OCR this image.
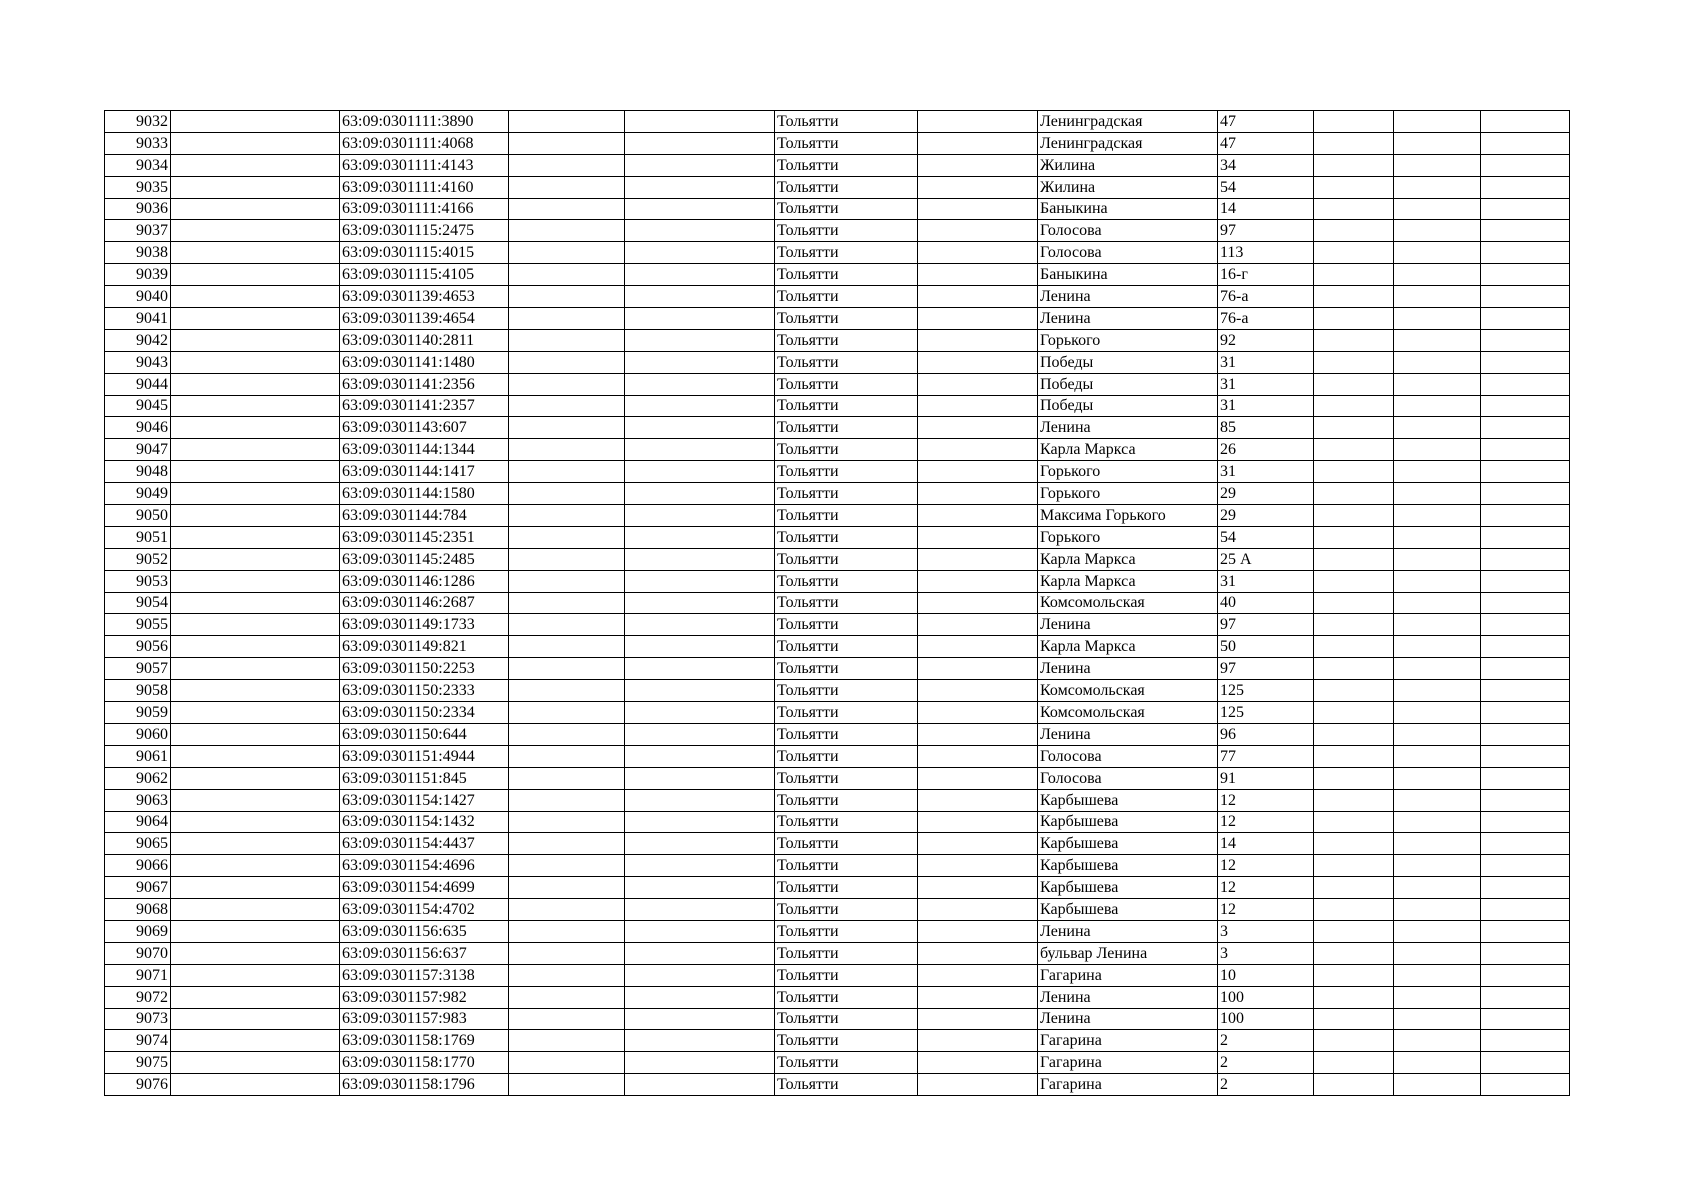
9032		63:09:0301111:3890			Тольятти		Ленинградская	47			
9033		63:09:0301111:4068			Тольятти		Ленинградская	47			
9034		63:09:0301111:4143			Тольятти		Жилина	34			
9035		63:09:0301111:4160			Тольятти		Жилина	54			
9036		63:09:0301111:4166			Тольятти		Баныкина	14			
9037		63:09:0301115:2475			Тольятти		Голосова	97			
9038		63:09:0301115:4015			Тольятти		Голосова	113			
9039		63:09:0301115:4105			Тольятти		Баныкина	16-г			
9040		63:09:0301139:4653			Тольятти		Ленина	76-а			
9041		63:09:0301139:4654			Тольятти		Ленина	76-а			
9042		63:09:0301140:2811			Тольятти		Горького	92			
9043		63:09:0301141:1480			Тольятти		Победы	31			
9044		63:09:0301141:2356			Тольятти		Победы	31			
9045		63:09:0301141:2357			Тольятти		Победы	31			
9046		63:09:0301143:607			Тольятти		Ленина	85			
9047		63:09:0301144:1344			Тольятти		Карла Маркса	26			
9048		63:09:0301144:1417			Тольятти		Горького	31			
9049		63:09:0301144:1580			Тольятти		Горького	29			
9050		63:09:0301144:784			Тольятти		Максима Горького	29			
9051		63:09:0301145:2351			Тольятти		Горького	54			
9052		63:09:0301145:2485			Тольятти		Карла Маркса	25 А			
9053		63:09:0301146:1286			Тольятти		Карла Маркса	31			
9054		63:09:0301146:2687			Тольятти		Комсомольская	40			
9055		63:09:0301149:1733			Тольятти		Ленина	97			
9056		63:09:0301149:821			Тольятти		Карла Маркса	50			
9057		63:09:0301150:2253			Тольятти		Ленина	97			
9058		63:09:0301150:2333			Тольятти		Комсомольская	125			
9059		63:09:0301150:2334			Тольятти		Комсомольская	125			
9060		63:09:0301150:644			Тольятти		Ленина	96			
9061		63:09:0301151:4944			Тольятти		Голосова	77			
9062		63:09:0301151:845			Тольятти		Голосова	91			
9063		63:09:0301154:1427			Тольятти		Карбышева	12			
9064		63:09:0301154:1432			Тольятти		Карбышева	12			
9065		63:09:0301154:4437			Тольятти		Карбышева	14			
9066		63:09:0301154:4696			Тольятти		Карбышева	12			
9067		63:09:0301154:4699			Тольятти		Карбышева	12			
9068		63:09:0301154:4702			Тольятти		Карбышева	12			
9069		63:09:0301156:635			Тольятти		Ленина	3			
9070		63:09:0301156:637			Тольятти		бульвар Ленина	3			
9071		63:09:0301157:3138			Тольятти		Гагарина	10			
9072		63:09:0301157:982			Тольятти		Ленина	100			
9073		63:09:0301157:983			Тольятти		Ленина	100			
9074		63:09:0301158:1769			Тольятти		Гагарина	2			
9075		63:09:0301158:1770			Тольятти		Гагарина	2			
9076		63:09:0301158:1796			Тольятти		Гагарина	2			
